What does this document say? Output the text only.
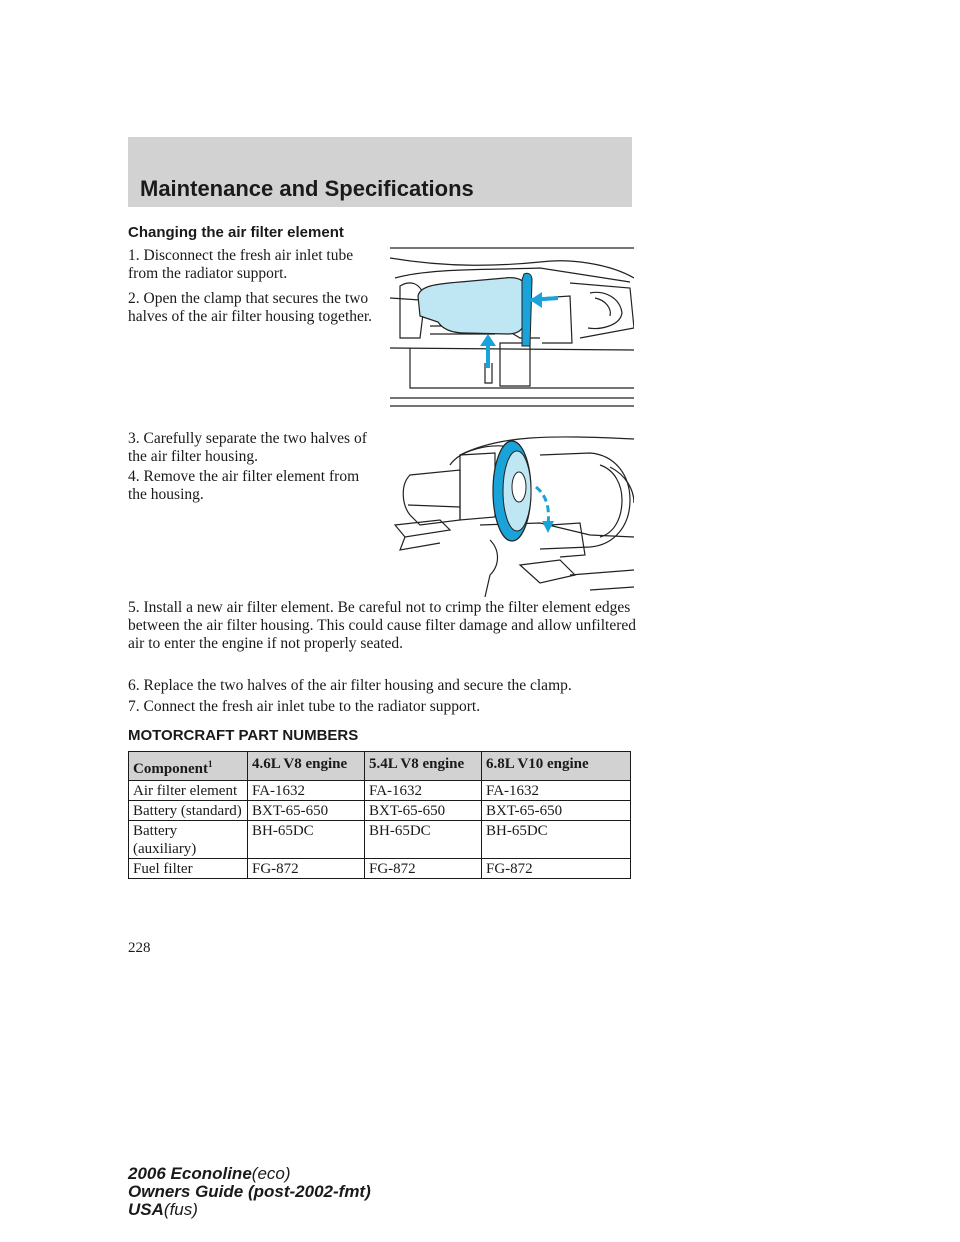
Maintenance and Specifications
Changing the air filter element

1. Disconnect the fresh air inlet tube from the radiator support.

2. Open the clamp that secures the two halves of the air filter housing together.

3. Carefully separate the two halves of the air filter housing.

4. Remove the air filter element from the housing.

5. Install a new air filter element. Be careful not to crimp the filter element edges between the air filter housing. This could cause filter damage and allow unfiltered air to enter the engine if not properly seated.

6. Replace the two halves of the air filter housing and secure the clamp.

7. Connect the fresh air inlet tube to the radiator support.

MOTORCRAFT PART NUMBERS
Component$^1$	4.6L V8 engine	5.4L V8 engine	6.8L V10 engine
Air filter element	FA-1632	FA-1632	FA-1632
Battery (standard)	BXT-65-650	BXT-65-650	BXT-65-650
Battery (auxiliary)	BH-65DC	BH-65DC	BH-65DC
Fuel filter	FG-872	FG-872	FG-872
228
2006 Econoline(eco)
Owners Guide (post-2002-fmt)
USA(fus)
